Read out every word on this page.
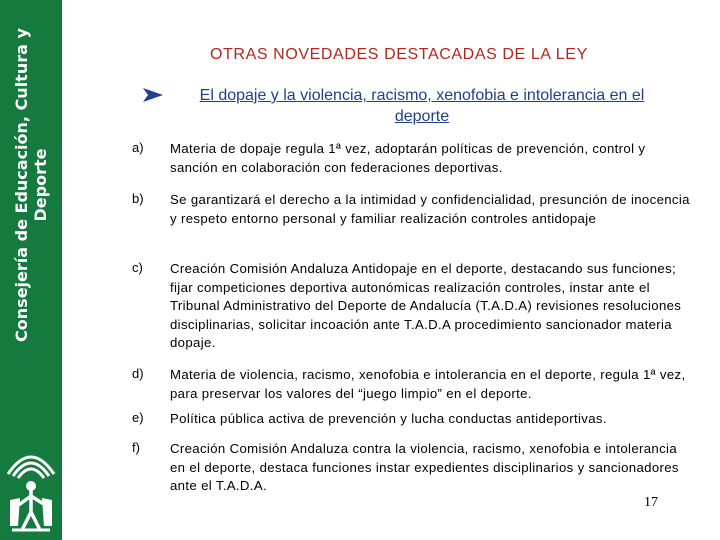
Consejería de Educación, Cultura y Deporte
OTRAS NOVEDADES DESTACADAS DE LA LEY
El dopaje y la violencia, racismo, xenofobia e intolerancia en el deporte
a) Materia de dopaje regula 1ª vez, adoptarán políticas de prevención, control y sanción en colaboración con federaciones deportivas.
b) Se garantizará el derecho a la intimidad y confidencialidad, presunción de inocencia y respeto entorno personal y familiar realización controles antidopaje
c) Creación Comisión Andaluza Antidopaje en el deporte, destacando sus funciones; fijar competiciones deportiva autonómicas realización controles, instar ante el Tribunal Administrativo del Deporte de Andalucía (T.A.D.A) revisiones resoluciones disciplinarias, solicitar incoación ante T.A.D.A procedimiento sancionador materia dopaje.
d) Materia de violencia, racismo, xenofobia e intolerancia en el deporte, regula 1ª vez, para preservar los valores del “juego limpio” en el deporte.
e) Política pública activa de prevención y lucha conductas antideportivas.
f) Creación Comisión Andaluza contra la violencia, racismo, xenofobia e intolerancia en el deporte, destaca funciones instar expedientes disciplinarios y sancionadores ante el T.A.D.A.
17
